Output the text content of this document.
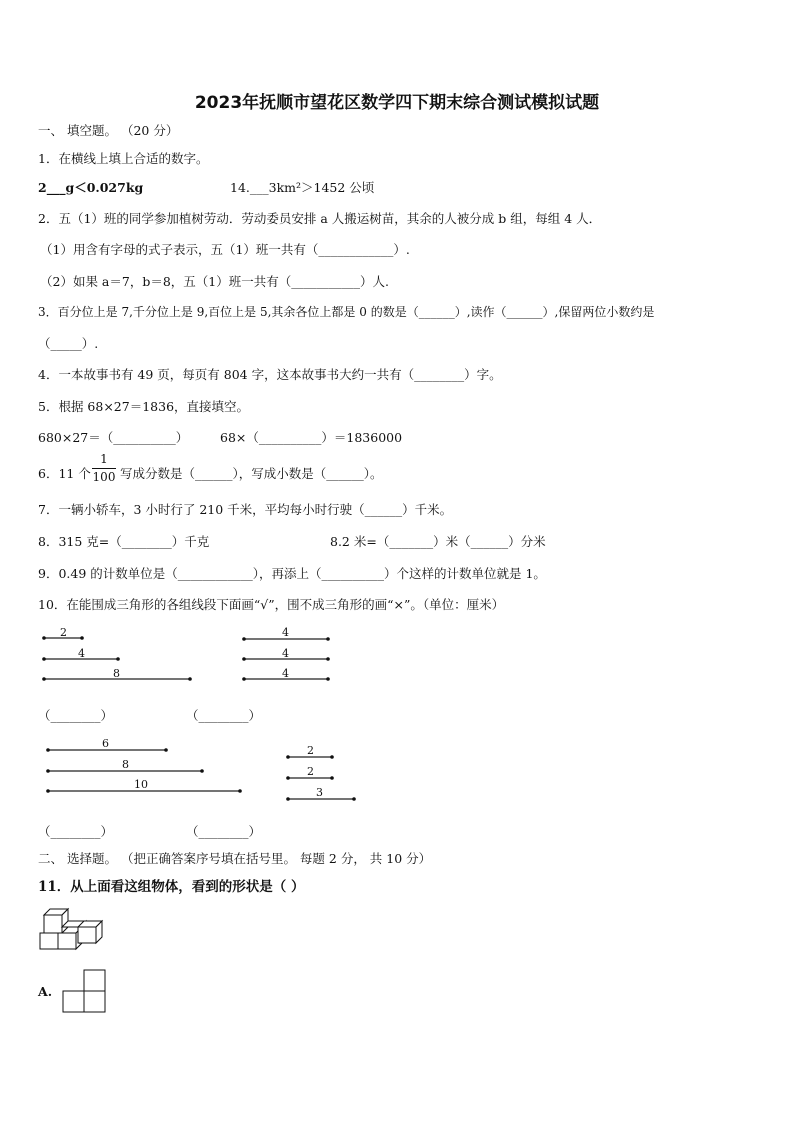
2023年抚顺市望花区数学四下期末综合测试模拟试题
一、 填空题。 （20 分）
1．在横线上填上合适的数字。
2___g＜0.027kg	14.___3km²＞1452 公顷
2．五（1）班的同学参加植树劳动．劳动委员安排 a 人搬运树苗，其余的人被分成 b 组，每组 4 人．
（1）用含有字母的式子表示，五（1）班一共有（____________）.
（2）如果 a＝7，b＝8，五（1）班一共有（___________）人.
3．百分位上是 7,千分位上是 9,百位上是 5,其余各位上都是 0 的数是（______）,读作（______）,保留两位小数约是
（_____）.
4．一本故事书有 49 页，每页有 804 字，这本故事书大约一共有（________）字。
5．根据 68×27＝1836，直接填空。
680×27＝（__________）	68×（__________）＝1836000
6．11 个
1
100 写成分数是（______），写成小数是（______）。
7．一辆小轿车，3 小时行了 210 千米，平均每小时行驶（______）千米。
8．315 克=（________）千克	8.2 米=（_______）米（______）分米
9．0.49 的计数单位是（____________），再添上（__________）个这样的计数单位就是 1。
10．在能围成三角形的各组线段下面画“√”，围不成三角形的画“×”。（单位：厘米）
2
4
8
4
4
4
（________）	（________）
6
8
10
2
2
3
（________）	（________）
二、 选择题。 （把正确答案序号填在括号里。 每题 2 分， 共 10 分）
11．从上面看这组物体，看到的形状是（ ）
A.
